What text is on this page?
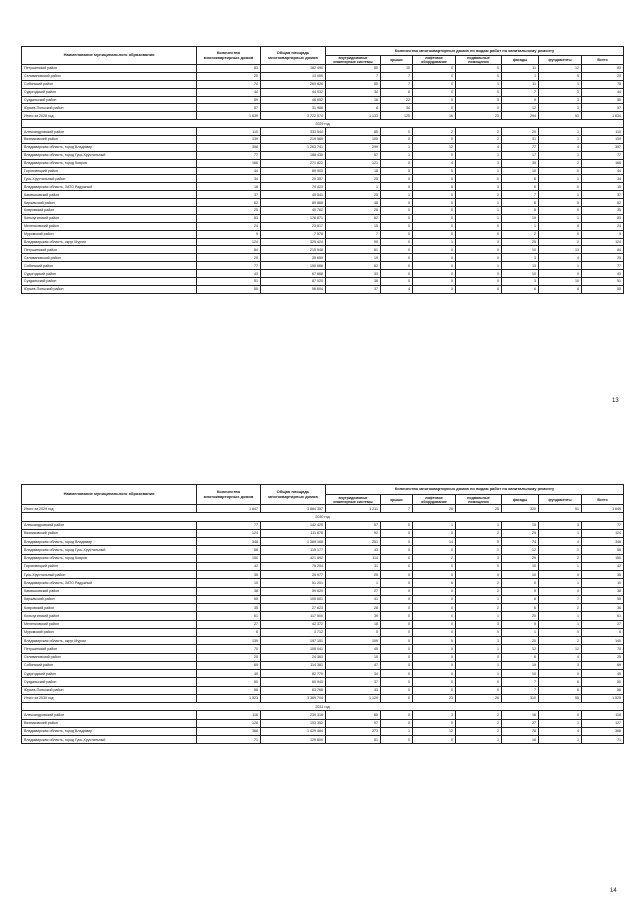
Наименование муниципального образования	Количество многоквартирных домов	Общая площадь многоквартирных домов	Количество многоквартирных домов по видам работ по капитальному ремонту						
			внутридомовые инженерные системы	крыши	лифтовое оборудование	подвальные помещения	фасады	фундаменты	Всего
Петушинский район	83	182 490	50	10	0	0	11	12	83
Селивановский район	20	13 059	7	7	0	0	1	5	20
Собинский район	74	263 826	55	7	0	1	11	1	75
Судогодский район	44	44 032	34	6	0	0	7	3	44
Суздальский район	59	46 652	16	22	0	5	9	3	55
Юрьев-Польский район	57	31 986	8	34	0	0	12	3	57
Итого за 2028 год:	1 639	3 722 074	1 133	125	16	23	294	53	1 634
2029 год									
Александровский район	110	333 544	85	0	2	2	20	1	110
Вязниковский район	139	219 569	105	0	0	2	31	1	139
Владимирская область, город Владимир	358	1 263 741	299	1	12	4	77	4	357
Владимирская область, город Гусь-Хрустальный	77	188 435	57	1	0	1	17	1	77
Владимирская область, город Ковров	166	271 822	121	0	4	3	35	2	166
Гороховецкий район	44	69 903	18	5	5	1	10	0	44
Гусь-Хрустальный район	34	20 357	25	0	0	0	8	1	34
Владимирская область, ЗАТО Радужный	16	79 423	1	0	8	3	0	0	15
Камешковский район	37	49 541	25	1	0	2	7	1	37
Киржачский район	62	89 868	48	0	0	1	8	5	62
Ковровский район	25	40 762	26	0	0	1	8	0	35
Кольчугинский район	83	176 871	62	0	0	1	19	1	83
Меленковский район	24	23 517	15	0	0	0	1	8	24
Муромский район	9	7 578	7	0	0	0	2	0	9
Владимирская область, округ Муром	124	325 424	95	0	1	3	25	2	124
Петушинский район	84	215 548	61	0	0	0	10	13	84
Селивановский район	25	35 659	19	0	0	0	3	4	25
Собинский район	77	190 666	62	0	0	1	13	1	77
Судогодский район	43	67 668	33	0	0	0	10	0	43
Суздальский район	51	87 020	38	0	0	0	3	10	51
Юрьев-Польский район	55	56 604	37	4	0	0	6	8	55
13
Наименование муниципального образования	Количество многоквартирных домов	Общая площадь многоквартирных домов	Количество многоквартирных домов по видам работ по капитальному ремонту						
			внутридомовые инженерные системы	крыши	лифтовое оборудование	подвальные помещения	фасады	фундаменты	Всего
Итого за 2029 год:	1 647	3 884 357	1 211	7	26	25	320	51	1 649
2030 год									
Александровский район	77	142 429	57	0	1	1	15	3	77
Вязниковский район	124	111 678	92	0	0	2	29	1	124
Владимирская область, город Владимир	348	1 389 168	251	0	14	5	74	4	348
Владимирская область, город Гусь-Хрустальный	56	115 177	43	0	0	1	12	1	56
Владимирская область, город Ковров	150	421 892	114	0	2	3	29	2	150
Гороховецкий район	42	75 204	31	0	0	0	10	1	42
Гусь-Хрустальный район	35	25 977	25	0	0	0	10	0	35
Владимирская область, ЗАТО Радужный	10	51 201	1	0	6	2	0	1	10
Камешковский район	38	59 620	27	0	0	2	9	0	38
Киржачский район	55	105 601	41	0	0	1	6	7	55
Ковровский район	35	27 623	26	0	0	2	6	2	36
Кольчугинский район	61	117 500	39	0	0	1	20	1	61
Меленковский район	27	42 372	18	0	0	3	5	1	27
Муромский район	6	3 712	5	0	0	0	1	0	6
Владимирская область, округ Муром	139	197 151	109	0	5	3	20	2	140
Петушинский район	70	108 041	45	0	0	1	12	12	70
Селивановский район	25	24 363	15	0	0	0	6	4	25
Собинский район	69	114 381	47	0	0	1	19	3	69
Судогодский район	45	82 770	34	0	0	1	10	0	45
Суздальский район	50	60 943	37	0	0	0	7	6	50
Юрьев-Польский район	56	63 768	43	0	0	0	7	6	56
Итого за 2030 год:	1 523	3 369 704	1 129	0	23	26	310	55	1 525
2031 год									
Александровский район	116	230 316	85	0	3	2	16	0	116
Вязниковский район	128	103 352	97	0	0	2	27	1	127
Владимирская область, город Владимир	368	1 429 484	273	1	12	2	78	4	368
Владимирская область, город Гусь-Хрустальный	71	129 809	51	0	0	1	18	1	71
14
